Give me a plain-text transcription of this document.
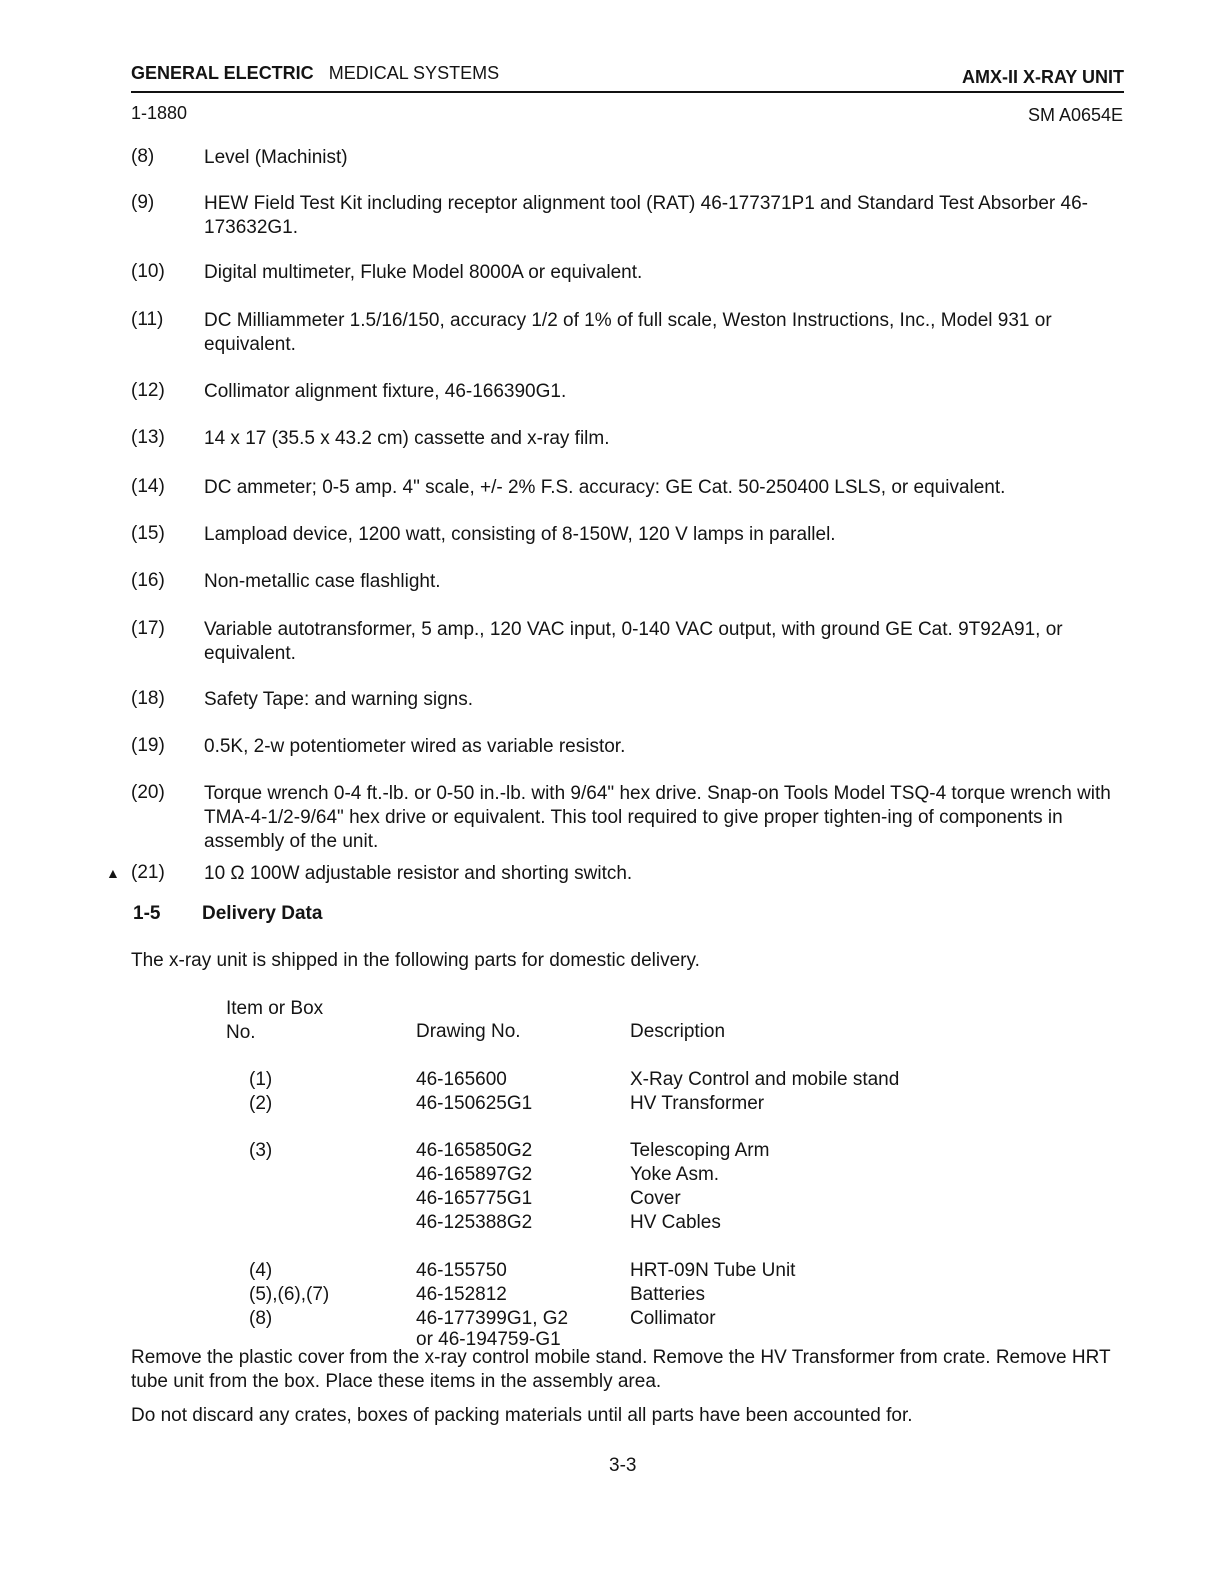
GENERAL ELECTRIC MEDICAL SYSTEMS	AMX-II X-RAY UNIT
1-1880	SM A0654E
(8)	Level (Machinist)
(9)	HEW Field Test Kit including receptor alignment tool (RAT) 46-177371P1 and Standard Test Absorber 46-173632G1.
(10) Digital multimeter, Fluke Model 8000A or equivalent.
(11) DC Milliammeter 1.5/16/150, accuracy 1/2 of 1% of full scale, Weston Instructions, Inc., Model 931 or equivalent.
(12) Collimator alignment fixture, 46-166390G1.
(13) 14 x 17 (35.5 x 43.2 cm) cassette and x-ray film.
(14) DC ammeter; 0-5 amp. 4" scale, +/- 2% F.S. accuracy: GE Cat. 50-250400 LSLS, or equivalent.
(15) Lampload device, 1200 watt, consisting of 8-150W, 120 V lamps in parallel.
(16) Non-metallic case flashlight.
(17) Variable autotransformer, 5 amp., 120 VAC input, 0-140 VAC output, with ground GE Cat. 9T92A91, or equivalent.
(18) Safety Tape: and warning signs.
(19) 0.5K, 2-w potentiometer wired as variable resistor.
(20) Torque wrench 0-4 ft.-lb. or 0-50 in.-lb. with 9/64" hex drive. Snap-on Tools Model TSQ-4 torque wrench with TMA-4-1/2-9/64" hex drive or equivalent. This tool required to give proper tighten-ing of components in assembly of the unit.
▲ (21) 10 Ω 100W adjustable resistor and shorting switch.
1-5 Delivery Data
The x-ray unit is shipped in the following parts for domestic delivery.
Item or Box No.	Drawing No.	Description
(1)	46-165600	X-Ray Control and mobile stand
(2)	46-150625G1	HV Transformer
(3)	46-165850G2	Telescoping Arm
46-165897G2	Yoke Asm.
46-165775G1	Cover
46-125388G2	HV Cables
(4)	46-155750	HRT-09N Tube Unit
(5),(6),(7)	46-152812	Batteries
(8)	46-177399G1, G2	Collimator
or 46-194759-G1
Remove the plastic cover from the x-ray control mobile stand. Remove the HV Transformer from crate. Remove HRT tube unit from the box. Place these items in the assembly area.
Do not discard any crates, boxes of packing materials until all parts have been accounted for.
3-3
